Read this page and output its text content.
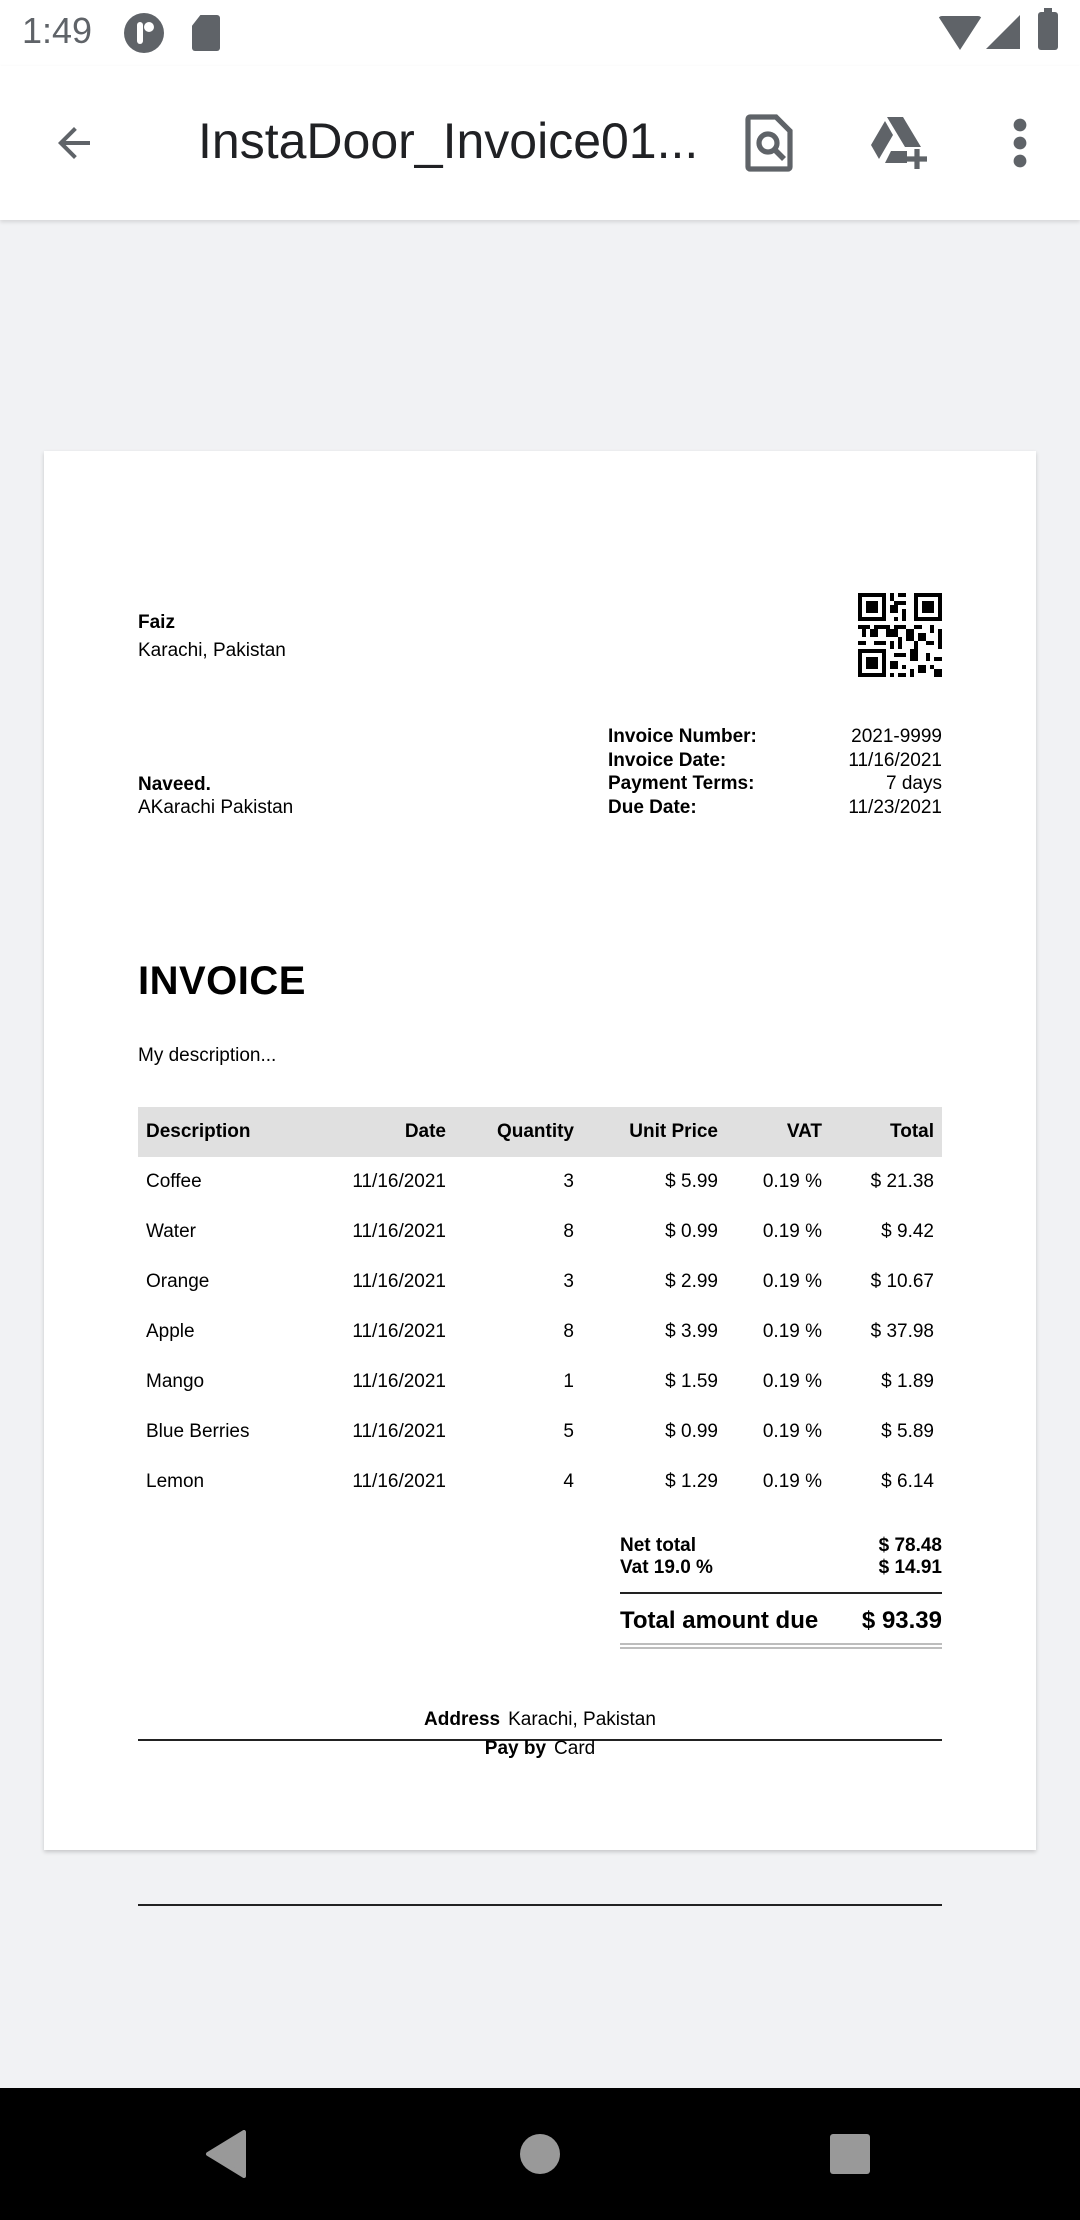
1:49
InstaDoor_Invoice01...
Faiz
Karachi, Pakistan
Naveed.
AKarachi Pakistan
Invoice Number:	2021-9999
Invoice Date:	11/16/2021
Payment Terms:	7 days
Due Date:	11/23/2021
INVOICE
My description...
Description	Date	Quantity	Unit Price	VAT	Total
Coffee	11/16/2021	3	$ 5.99	0.19 %	$ 21.38
Water	11/16/2021	8	$ 0.99	0.19 %	$ 9.42
Orange	11/16/2021	3	$ 2.99	0.19 %	$ 10.67
Apple	11/16/2021	8	$ 3.99	0.19 %	$ 37.98
Mango	11/16/2021	1	$ 1.59	0.19 %	$ 1.89
Blue Berries	11/16/2021	5	$ 0.99	0.19 %	$ 5.89
Lemon	11/16/2021	4	$ 1.29	0.19 %	$ 6.14
Net total	$ 78.48
Vat 19.0 %	$ 14.91
Total amount due $ 93.39
Address Karachi, Pakistan
Pay by Card
